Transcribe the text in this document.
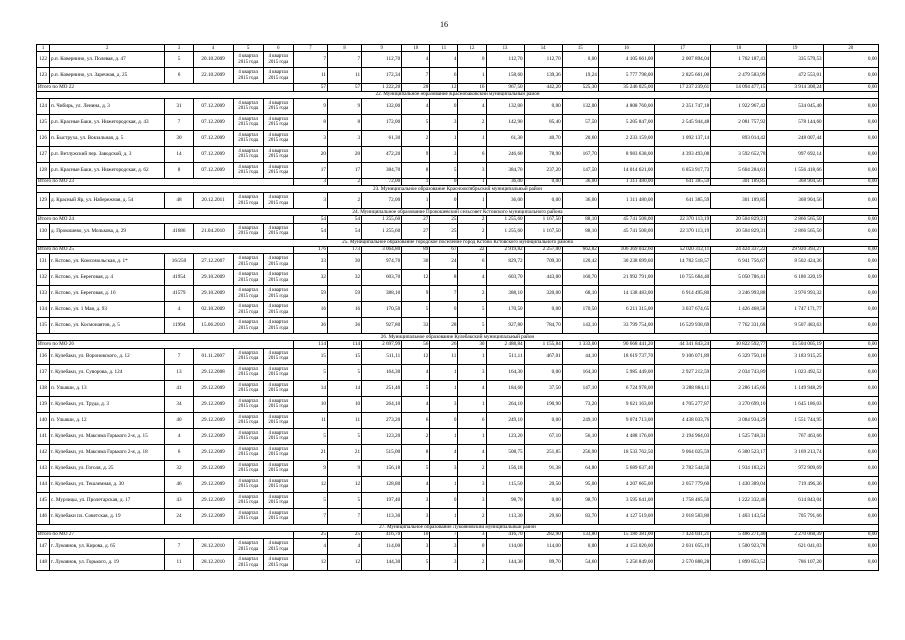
16
1	2	3	4	5	6	7	8	9	10	11	12	13	14	15	16	17	18	19	20
122	р.п. Ковернино, ул. Полевая, д. 47	5	20.10.2009	4 квартал 2015 года	4 квартал 2015 года	7	7	112,70	4	4	0	112,70	112,70	0,00	4 105 661,00	2 007 894,04	1 762 187,43	335 579,53	0,00
123	р.п. Ковернино, ул. Заречная, д. 25	6	22.10.2009	4 квартал 2015 года	4 квартал 2015 года	11	11	172,34	7	6	1	158,60	139,36	19,24	5 777 798,00	2 825 661,00	2 479 583,99	472 553,01	0,00
Итого по МО 22						57	57	1 222,20	28	12	16	967,50	442,20	525,30	35 246 025,00	17 237 239,61	14 094 477,15	3 914 308,24	0,00
22. Муниципальное образование Краснобаковский муниципальный район																			
124	п. Чибирь, ул. Ленина, д. 3	31	07.12.2009	4 квартал 2015 года	4 квартал 2015 года	9	9	132,00	4	0	4	132,00	0,00	132,00	4 808 760,00	2 351 747,18	1 922 967,42	534 045,40	0,00
125	р.п. Красные Баки, ул. Нижегородская, д. 43	7	07.12.2009	4 квартал 2015 года	4 квартал 2015 года	8	8	172,00	5	3	2	142,90	85,40	57,50	5 205 847,00	2 545 944,48	2 081 757,92	578 144,60	0,00
126	п. Быструха, ул. Вокзальная, д. 5	30	07.12.2009	4 квартал 2015 года	4 квартал 2015 года	3	3	61,30	2	1	1	61,30	40,70	20,60	2 233 159,00	1 092 137,14	893 014,42	248 007,44	0,00
127	р.п. Ветлужский пер. Заводской, д. 3	14	07.12.2009	4 квартал 2015 года	4 квартал 2015 года	20	20	472,20	9	3	6	246,60	78,90	167,70	8 983 638,00	4 393 493,08	3 592 652,78	997 692,14	0,00
128	р.п. Красные Баки, ул. Нижегородская, д. 62	8	07.12.2009	4 квартал 2015 года	4 квартал 2015 года	17	17	384,70	8	5	3	384,70	237,20	147,50	14 014 621,00	6 853 917,73	5 604 284,61	1 556 418,66	0,00
Итого по МО 23						3	2	72,00	1	0	1	36,00	0,00	36,00	1 311 480,00	641 385,59	301 189,85	368 904,56	0,00
23. Муниципальное образование Краснооктябрьский муниципальный район																			
129	д. Красный Яр, ул. Набережная, д. 54	48	20.12.2011	4 квартал 2015 года	4 квартал 2015 года	3	2	72,00	1	0	1	36,00	0,00	36,00	1 311 480,00	641 385,59	301 189,85	368 904,56	0,00
24. Муниципальное образование Прокошевский сельсовет Кстовского муниципального района																			
Итого по МО 24						54	54	1 255,60	27	25	2	1 255,60	1 167,50	88,10	45 741 508,00	22 370 113,19	20 504 829,31	2 866 565,50	0,00
130	д. Прокошево, ул. Молькова, д. 29	41686	21.04.2010	4 квартал 2015 года	4 квартал 2015 года	54	54	1 255,60	27	25	2	1 255,60	1 167,50	88,10	45 741 508,00	22 370 113,19	20 504 829,31	2 866 565,50	0,00
25. Муниципальное образование городское поселение город Кстово Кстовского муниципального района																			
Итого по МО 25						176	173	3 064,80	89	67	22	2 919,82	2 257,00	662,82	106 369 042,60	52 020 312,11	24 424 337,22	29 920 393,27	0,00
131	г. Кстово, ул. Комсомольская, д. 1*	16/250	27.12.2007	4 квартал 2015 года	4 квартал 2015 года	33	30	974,70	30	24	6	829,72	709,30	120,42	30 238 699,60	14 782 518,57	6 941 756,67	8 502 424,36	0,00
132	г. Кстово, ул. Береговая, д. 4	41954	29.10.2009	4 квартал 2015 года	4 квартал 2015 года	32	32	603,70	12	8	4	603,70	443,00	160,70	21 992 791,00	10 755 684,40	5 050 786,41	6 186 320,19	0,00
133	г. Кстово, ул. Береговая, д. 16	41579	29.10.2009	4 квартал 2015 года	4 квартал 2015 года	59	59	388,10	9	7	2	388,10	320,00	68,10	14 138 483,00	6 914 495,80	3 246 993,88	3 976 993,32	0,00
134	г. Кстово, ул. 1 Мая, д. 93	4	02.10.2009	4 квартал 2015 года	4 квартал 2015 года	16	16	170,50	5	0	5	170,50	0,00	170,50	6 211 315,00	3 037 674,65	1 426 468,58	1 747 171,77	0,00
135	г. Кстово, ул. Космонавтов, д. 5	11994	15.06.2010	4 квартал 2015 года	4 квартал 2015 года	36	36	927,80	33	28	5	927,80	784,70	143,10	33 799 754,00	16 529 938,69	7 762 331,68	9 507 483,63	0,00
26. Муниципальное образование Кулебакский муниципальный район																			
Итого по МО 26						114	114	2 697,99	56	26	30	2 488,84	1 155,84	1 333,00	90 668 441,20	44 341 843,24	30 822 592,77	15 504 005,19	0,00
136	г. Кулебаки, ул. Вороновского, д. 12	7	01.11.2007	4 квартал 2015 года	4 квартал 2015 года	15	15	511,11	12	11	1	511,11	467,01	44,10	18 619 737,70	9 106 071,89	6 329 750,16	3 183 915,25	0,00
137	г. Кулебаки, ул. Суворова, д. 124	13	29.12.2008	4 квартал 2015 года	4 квартал 2015 года	5	5	164,30	4	1	3	164,30	0,00	164,30	5 985 449,00	2 927 212,59	2 034 743,89	1 023 492,52	0,00
138	п. Ульяши, д. 13	41	29.12.2009	4 квартал 2015 года	4 квартал 2015 года	14	14	251,40	5	1	4	184,60	37,50	147,10	6 724 978,00	3 288 884,11	2 286 145,60	1 149 948,29	0,00
139	г. Кулебаки, ул. Труда, д. 3	34	29.12.2009	4 квартал 2015 года	4 квартал 2015 года	10	10	264,10	4	3	1	264,10	190,90	73,20	9 621 163,00	4 705 277,87	3 270 699,10	1 645 186,03	0,00
140	п. Ульяши, д. 12	40	29.12.2009	4 квартал 2015 года	4 квартал 2015 года	11	11	273,20	6	0	6	249,10	0,00	249,10	9 074 713,00	4 438 033,76	3 084 934,29	1 551 744,95	0,00
141	г. Кулебаки, ул. Максима Горького 2-я, д. 15	4	29.12.2009	4 квартал 2015 года	4 квартал 2015 года	5	5	123,20	2	1	1	123,20	67,10	56,10	4 488 176,00	2 194 964,03	1 525 748,31	767 463,66	0,00
142	г. Кулебаки, ул. Максима Горького 2-я, д. 18	6	29.12.2009	4 квартал 2015 года	4 квартал 2015 года	21	21	515,00	8	4	4	508,75	251,85	256,90	18 533 762,50	9 064 025,59	6 300 523,17	3 169 213,74	0,00
143	г. Кулебаки, ул. Гоголя, д. 25	32	29.12.2009	4 квартал 2015 года	4 квартал 2015 года	9	9	156,18	5	3	2	156,18	91,38	64,80	5 689 637,40	2 782 544,50	1 934 183,21	972 909,69	0,00
144	г. Кулебаки, ул. Тешлемная, д. 30	46	29.12.2009	4 квартал 2015 года	4 квартал 2015 года	12	12	128,80	4	1	3	115,50	20,50	95,00	4 207 665,00	2 057 779,60	1 430 389,04	719 496,36	0,00
145	с. Мурзицы, ул. Пролетарская, д. 17	43	29.12.2009	4 квартал 2015 года	4 квартал 2015 года	5	5	197,40	3	0	3	98,70	0,00	98,70	3 595 641,00	1 758 465,50	1 222 332,46	614 843,04	0,00
146	г. Кулебаки пл. Советская, д. 19	24	29.12.2009	4 квартал 2015 года	4 квартал 2015 года	7	7	113,30	3	1	2	113,30	29,60	83,70	4 127 519,00	2 018 583,80	1 403 143,54	705 791,66	0,00
27. Муниципальное образование Лукояновский муниципальный район																			
Итого по МО 27						25	25	416,70	10	7	3	416,70	282,90	133,80	15 180 381,00	7 424 041,21	5 486 271,40	2 270 068,39	0,00
147	г. Лукоянов, ул. Кирова, д. 65	7	28.12.2010	4 квартал 2015 года	4 квартал 2015 года	4	4	114,00	3	3	0	114,00	114,00	0,00	4 153 020,00	2 031 055,19	1 500 923,78	621 041,03	0,00
148	г. Лукоянов, ул. Горького, д. 19	11	28.12.2010	4 квартал 2015 года	4 квартал 2015 года	12	12	144,30	5	3	2	144,30	89,70	54,60	5 256 849,00	2 570 888,28	1 899 853,52	786 107,20	0,00
